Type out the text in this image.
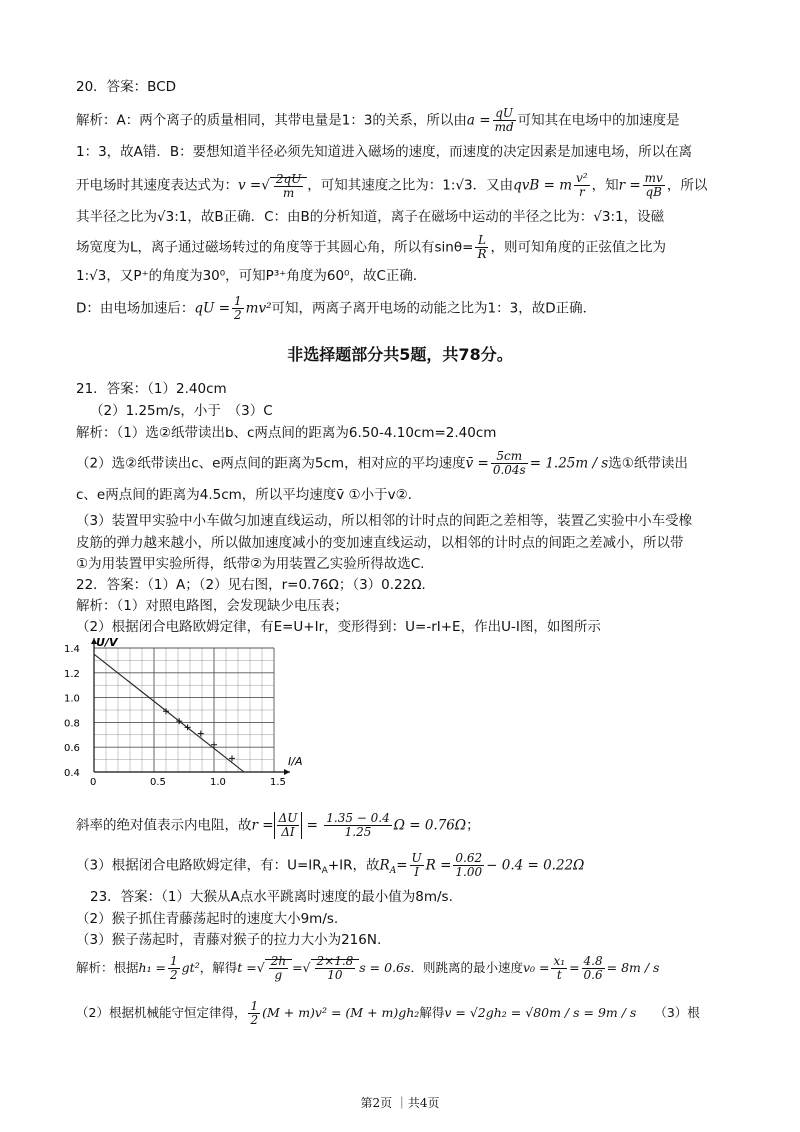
20．答案：BCD
解析：A：两个离子的质量相同，其带电量是1：3的关系，所以由$a = \frac{qU}{md}$ 可知其在电场中的加速度是
1：3，故A错．B：要想知道半径必须先知道进入磁场的速度，而速度的决定因素是加速电场，所以在离
开电场时其速度表达式为：v =√ $\frac{2qU}{m}$ ，可知其速度之比为：1:√3．又由qvB = m $\frac{\text{v²}}{r}$ ，知$r = \frac{mv}{qB}$ ，所以
其半径之比为√3:1，故B正确．C：由B的分析知道，离子在磁场中运动的半径之比为：√3:1，设磁
场宽度为L，离子通过磁场转过的角度等于其圆心角，所以有$\sin\theta= \frac{L}{R}$ ，则可知角度的正弦值之比为
1:√3，又P⁺的角度为30⁰，可知P³⁺角度为60⁰，故C正确．
D：由电场加速后：qU = $\frac{1}{2} mv^2$可知，两离子离开电场的动能之比为1：3，故D正确．
非选择题部分共5题，共78分。
21．答案：（1）2.40cm
（2）1.25m/s，小于　（3）C
解析：（1）选②纸带读出b、c两点间的距离为6.50-4.10cm=2.40cm
（2）选②纸带读出c、e两点间的距离为5cm，相对应的平均速度v̄ = $\frac{5cm}{0.04s} = 1.25m / s$选①纸带读出
c、e两点间的距离为4.5cm，所以平均速度v̄ ①小于v②．
（3）装置甲实验中小车做匀加速直线运动，所以相邻的计时点的间距之差相等，装置乙实验中小车受橡
皮筋的弹力越来越小，所以做加速度减小的变加速直线运动，以相邻的计时点的间距之差减小，所以带
①为用装置甲实验所得，纸带②为用装置乙实验所得故选C.
22．答案：（1）A；（2）见右图，r=0.76Ω；（3）0.22Ω．
解析：（1）对照电路图，会发现缺少电压表；
（2）根据闭合电路欧姆定律，有E=U+Ir，变形得到：U=-rI+E，作出U-I图，如图所示
0	0.5	1.0	1.5
0.4
0.6
0.8
1.0
1.2
1.4
I/A
U/V
斜率的绝对值表示内电阻，故$r = \frac{\Delta U}{\Delta I} = \frac{1.35 - 0.4}{1.25}$ Ω = 0.76Ω；
（3）根据闭合电路欧姆定律，有：$U=IR_A+IR$，故$R_A= \frac{U}{I}$ $R = \frac{0.62}{1.00} - 0.4 = 0.22\Omega$
23．答案：（1）大猴从A点水平跳离时速度的最小值为8m/s.
（2）猴子抓住青藤荡起时的速度大小9m/s.
（3）猴子荡起时，青藤对猴子的拉力大小为216N.
解析：根据$h_1 = \frac{1}{2} gt^2$，解得t =√ $\frac{2h}{g}$ =√ $\frac{2\times 1.8}{10}$ s = 0.6s．则跳离的最小速度$v_0 = \frac{\text{x₁}}{t} = \frac{4.8}{0.6} = 8m / s$
（2）根据机械能守恒定律得， $\frac{1}{2} (M + m)v^2 = (M + m)gh_2$解得v = √2gh₂ = √80m / s = 9m / s （3）根
第2页 ｜共4页
